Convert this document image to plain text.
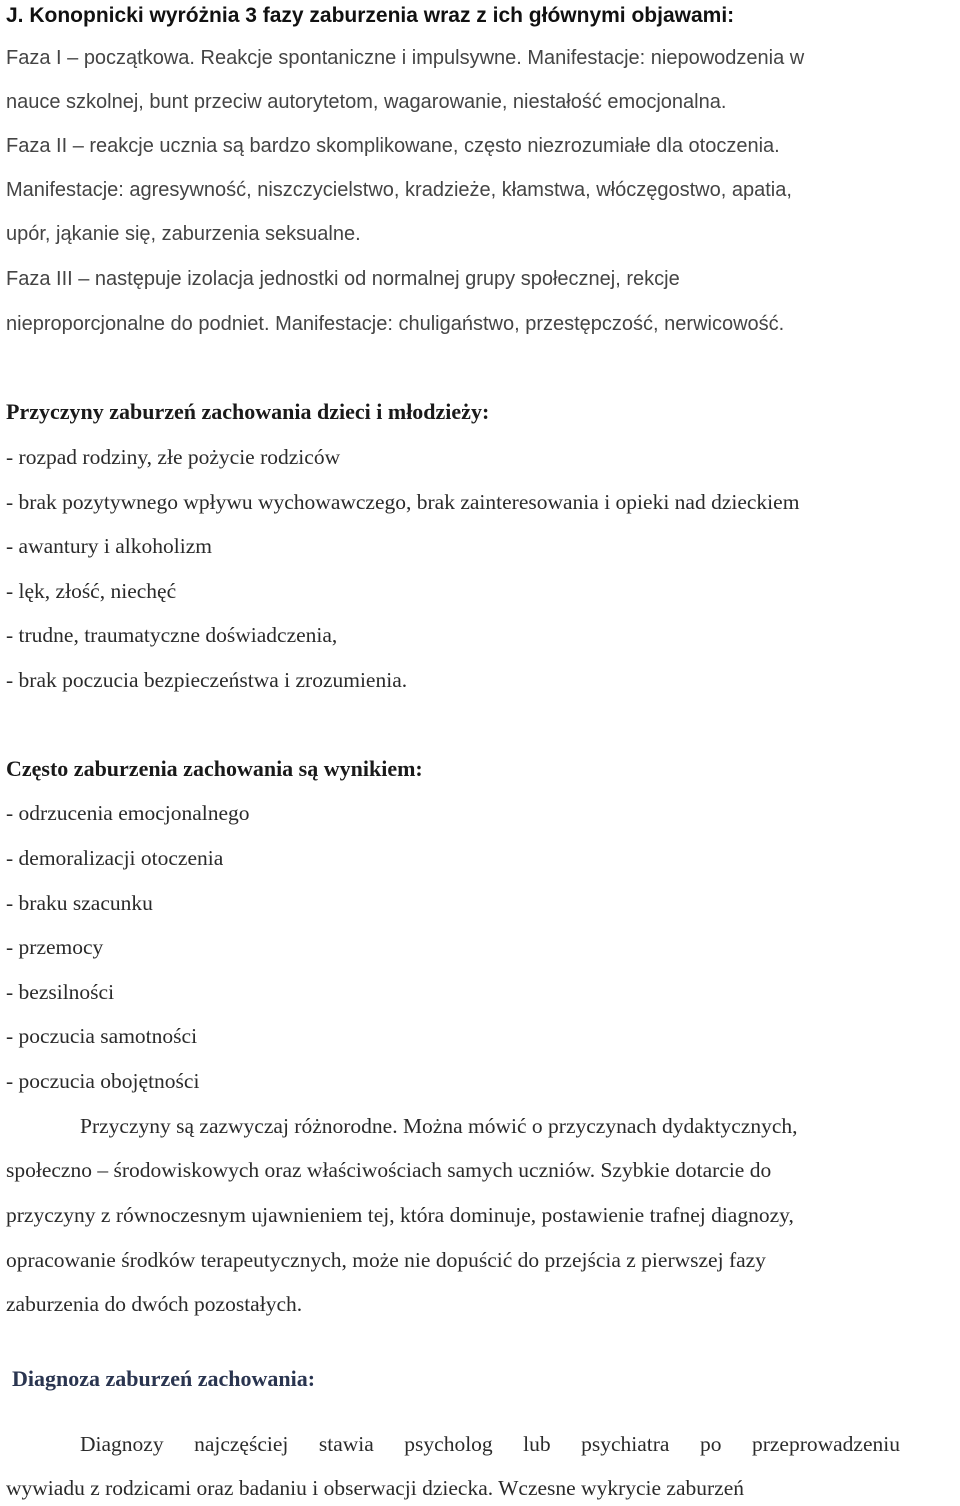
J. Konopnicki wyróżnia 3 fazy zaburzenia wraz z ich głównymi objawami:
Faza I – początkowa. Reakcje spontaniczne i impulsywne. Manifestacje: niepowodzenia w
nauce szkolnej, bunt przeciw autorytetom, wagarowanie, niestałość emocjonalna.
Faza II – reakcje ucznia są bardzo skomplikowane, często niezrozumiałe dla otoczenia.
Manifestacje: agresywność, niszczycielstwo, kradzieże, kłamstwa, włóczęgostwo, apatia,
upór, jąkanie się, zaburzenia seksualne.
Faza III – następuje izolacja jednostki od normalnej grupy społecznej, rekcje
nieproporcjonalne do podniet. Manifestacje: chuligaństwo, przestępczość, nerwicowość.
Przyczyny zaburzeń zachowania dzieci i młodzieży:
- rozpad rodziny, złe pożycie rodziców
- brak pozytywnego wpływu wychowawczego, brak zainteresowania i opieki nad dzieckiem
- awantury i alkoholizm
- lęk, złość, niechęć
- trudne, traumatyczne doświadczenia,
- brak poczucia bezpieczeństwa i zrozumienia.
Często zaburzenia zachowania są wynikiem:
- odrzucenia emocjonalnego
- demoralizacji otoczenia
- braku szacunku
- przemocy
- bezsilności
- poczucia samotności
- poczucia obojętności
Przyczyny są zazwyczaj różnorodne. Można mówić o przyczynach dydaktycznych,
społeczno – środowiskowych oraz właściwościach samych uczniów. Szybkie dotarcie do
przyczyny z równoczesnym ujawnieniem tej, która dominuje, postawienie trafnej diagnozy,
opracowanie środków terapeutycznych, może nie dopuścić do przejścia z pierwszej fazy
zaburzenia do dwóch pozostałych.
Diagnoza zaburzeń zachowania:
Diagnozy najczęściej stawia psycholog lub psychiatra po przeprowadzeniu
wywiadu z rodzicami oraz badaniu i obserwacji dziecka. Wczesne wykrycie zaburzeń
